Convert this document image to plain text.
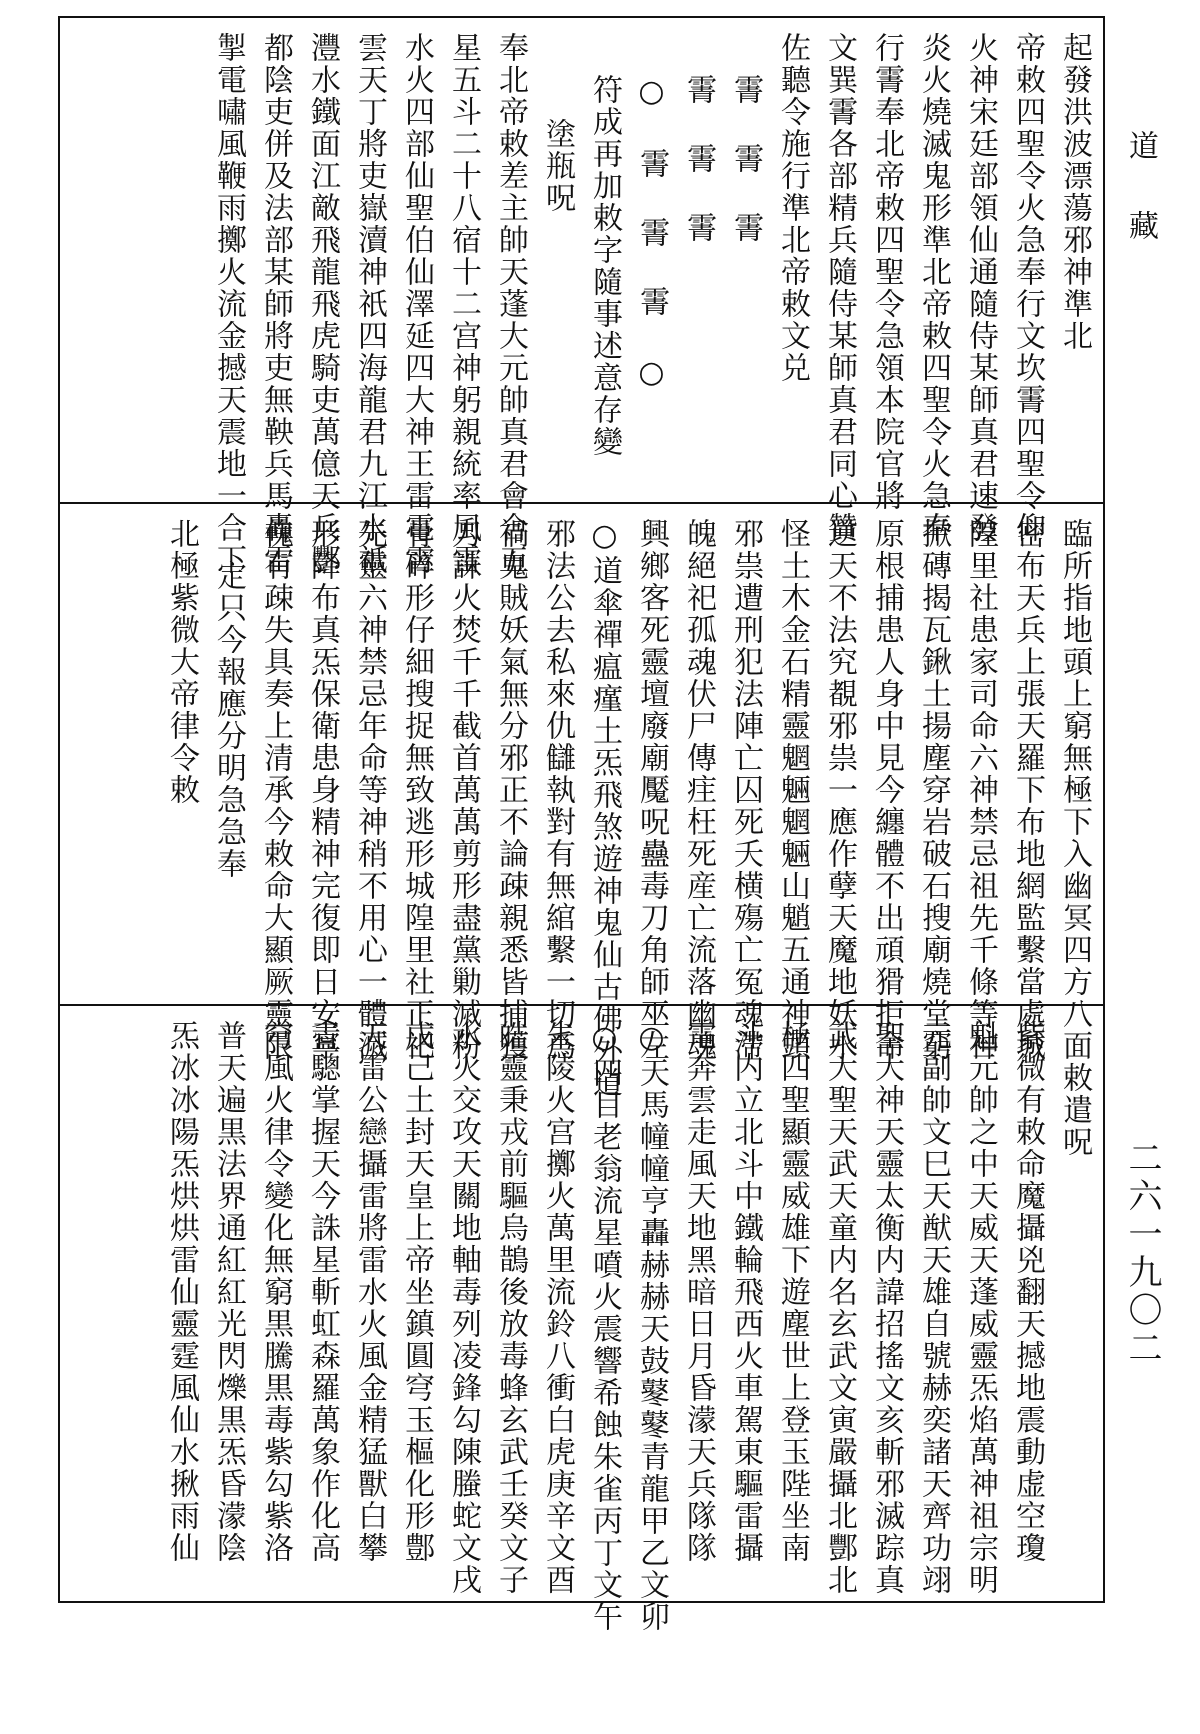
起發洪波漂蕩邪神準北
帝敕四聖令火急奉行文坎䨝四聖令仰
火神宋廷部領仙通隨侍某師真君速發
炎火燒滅鬼形準北帝敕四聖令火急奉
行䨝奉北帝敕四聖令急領本院官將
文巽䨝各部精兵隨侍某師真君同心贊
佐聽令施行準北帝敕文兑
䨝 䨝 䨝
䨝 䨝 䨝
○ 䨝 䨝 䨝 ○
符成再加敕字隨事述意存變
塗瓶呪
奉北帝敕差主帥天蓬大元帥真君會合五
星五斗二十八宿十二宫神躬親統率風雷
水火四部仙聖伯仙澤延四大神王雷電霄
雲天丁將吏嶽瀆神祇四海龍君九江水祇
灃水鐵面江敵飛龍飛虎騎吏萬億天兵酆
都陰吏併及法部某師將吏無鞅兵馬轟雷
掣電嘯風鞭雨擲火流金撼天震地一合下
臨所指地頭上窮無極下入幽冥四方八面
密布天兵上張天羅下布地網監繫當處城
隍里社患家司命六神禁忌祖先千條等神
掀磚揭瓦鍬土揚塵穿岩破石搜廟燒堂窮
原根捕患人身中見今纏體不出頑猾拒命
逆天不法究覩邪祟一應作孽天魔地妖水
怪土木金石精靈魍魎魍魎山魈五通神頭
邪祟遭刑犯法陣亡囚死夭横殤亡冤魂滯
魄絕祀孤魂伏尸傳疰枉死産亡流落幽魂
興鄉客死靈壇廢廟魘呪蠱毒刀角師巫左
○道傘禪瘟瘽土炁飛煞遊神鬼仙古佛外道
邪法公去私來仇讎執對有無綰繫一切爲
禍鬼賊妖氣無分邪正不論疎親悉皆捕獲
刀誅火焚千千截首萬萬剪形盡黨勦滅粉
骨碎形仔細搜捉無致逃形城隍里社正祀
先靈六神禁忌年命等神稍不用心一體滅
形降布真炁保衛患身精神完復即日安寧
傀有疎失具奏上清承今敕命大顯厥靈限
定只今報應分明急急奉
北極紫微大帝律令敕
敕遣呪
紫微有敕命魔攝兇翻天撼地震動虚空瓊
魁元帥之中天威天蓬威靈炁焰萬神祖宗明
元副帥文巳天猷天雄自號赫奕諸天齊功翊
聖大神天靈太衡内諱招搖文亥斬邪滅踪真
武大聖天武天童内名玄武文寅嚴攝北酆北
極四聖顯靈威雄下遊塵世上登玉陛坐南
斗内立北斗中鐵輪飛西火車駕東驅雷攝
電奔雲走風天地黑暗日月昏濛天兵隊隊
○天馬幢幢亨轟赫赫天鼓鼕鼕青龍甲乙文卯
○四目老翁流星噴火震響希蝕朱雀丙丁文午
朱陵火宫擲火萬里流鈴八衝白虎庚辛文酉
皓靈秉戎前驅烏鵲後放毒蜂玄武壬癸文子
水火交攻天關地軸毒列凌鋒勾陳螣蛇文戌
戊己土封天皇上帝坐鎮圓穹玉樞化形鄷
天雷公戀攝雷將雷水火風金精猛獸白攀
青驄掌握天今誅星斬虹森羅萬象作化高
穹風火律令變化無窮黒騰黒毒紫勾紫洛
普天遍黒法界通紅紅光閃爍黒炁昏濛陰
炁冰冰陽炁烘烘雷仙靈霆風仙水揪雨仙
道藏
二六一九〇二
